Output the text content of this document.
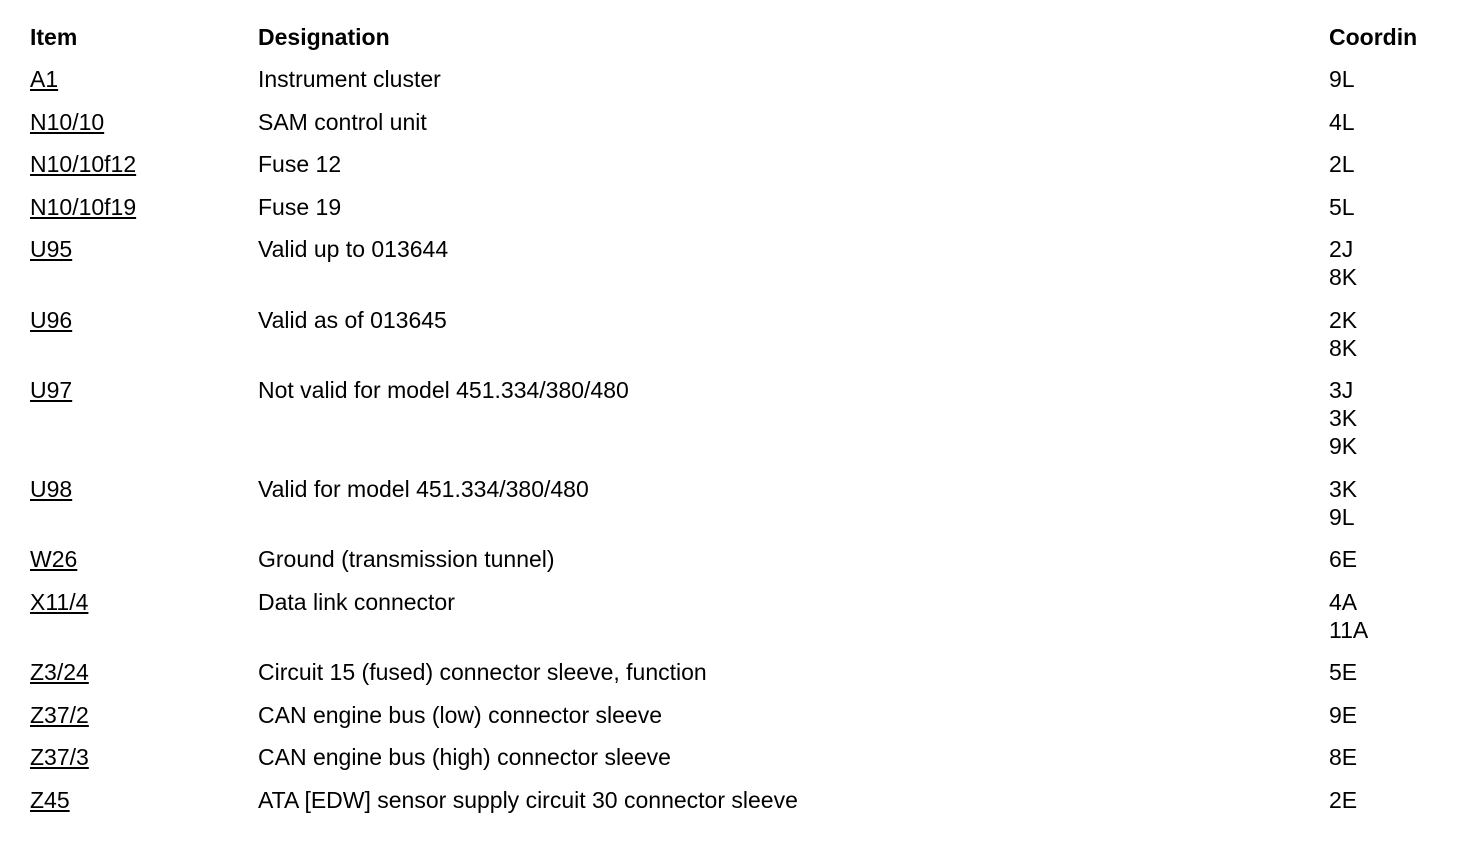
Item	Designation	Coordin
A1	Instrument cluster	9L

N10/10	SAM control unit	4L

N10/10f12	Fuse 12	2L

N10/10f19	Fuse 19	5L

U95	Valid up to 013644	2J
8K

U96	Valid as of 013645	2K
8K

U97	Not valid for model 451.334/380/480	3J
3K
9K

U98	Valid for model 451.334/380/480	3K
9L

W26	Ground (transmission tunnel)	6E

X11/4	Data link connector	4A
11A

Z3/24	Circuit 15 (fused) connector sleeve, function	5E

Z37/2	CAN engine bus (low) connector sleeve	9E

Z37/3	CAN engine bus (high) connector sleeve	8E

Z45	ATA [EDW] sensor supply circuit 30 connector sleeve	2E
